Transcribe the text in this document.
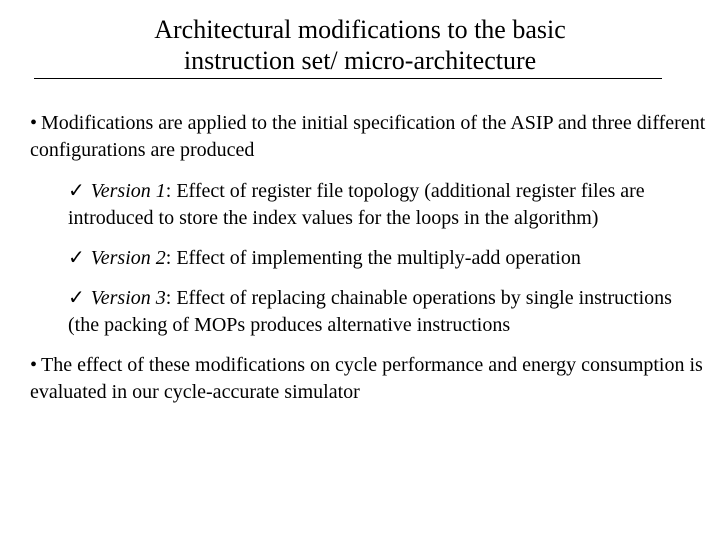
Architectural modifications to the basic
instruction set/ micro-architecture

• Modifications are applied to the initial specification of the ASIP and three different configurations are produced

✓ Version 1: Effect of register file topology (additional register files are introduced to store the index values for the loops in the algorithm)

✓ Version 2: Effect of implementing the multiply-add operation

✓ Version 3: Effect of replacing chainable operations by single instructions (the packing of MOPs produces alternative instructions

• The effect of these modifications on cycle performance and energy consumption is evaluated in our cycle-accurate simulator
